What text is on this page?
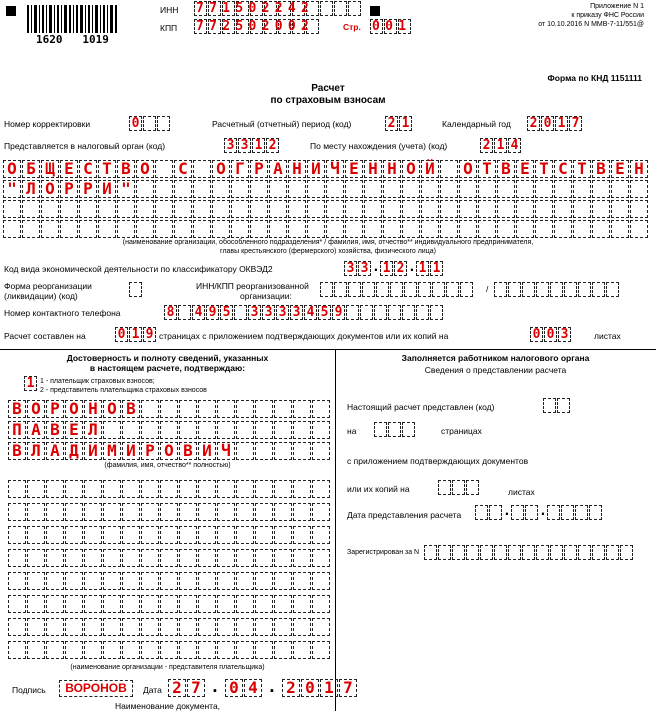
1620   1019
ИНН 771502242
КПП 772502002	Стр. 001
Приложение N 1
к приказу ФНС России
от 10.10.2016 N ММВ-7-11/551@
Форма по КНД 1151111
Расчет
по страховым взносам
Номер корректировки	0	Расчетный (отчетный) период (код)	2 1	Календарный год 2 0 1 7
Представляется в налоговый орган (код)	3 3 1 2	По месту нахождения (учета) (код)	2 1 4
О Б Щ Е С Т В О С О Г Р А Н И Ч Е Н Н О Й О Т В Е Т С Т В Е Н
" Л О Р Р И "
(наименование организации, обособленного подразделения* / фамилия, имя, отчество** индивидуального предпринимателя,
главы крестьянского (фермерского) хозяйства, физического лица)
Код вида экономической деятельности по классификатору ОКВЭД2	3 3 . 1 2 . 1 1
Форма реорганизации
(ликвидации) (код)
ИНН/КПП реорганизованной
организации:
/
Номер контактного телефона	8 4 9 5 3 3 3 3 4 5 9
Расчет составлен на 0 1 9 страницах с приложением подтверждающих документов или их копий на	0 0 3	листах
Достоверность и полноту сведений, указанных
в настоящем расчете, подтверждаю:
1 1 - плательщик страховых взносов;
2 - представитель плательщика страховых взносов
В О Р О Н О В
П А В Е Л
В Л А Д И М И Р О В И Ч
(фамилия, имя, отчество** полностью)
(наименование организации - представителя плательщика)
Подпись	ВОРОНОВ	Дата 2 7 . 0 4 . 2 0 1 7
Наименование документа,
Заполняется работником налогового органа
Сведения о представлении расчета
Настоящий расчет представлен (код)
на	страницах
с приложением подтверждающих документов
или их копий на	листах
Дата представления расчета	. .
Зарегистрирован за N
